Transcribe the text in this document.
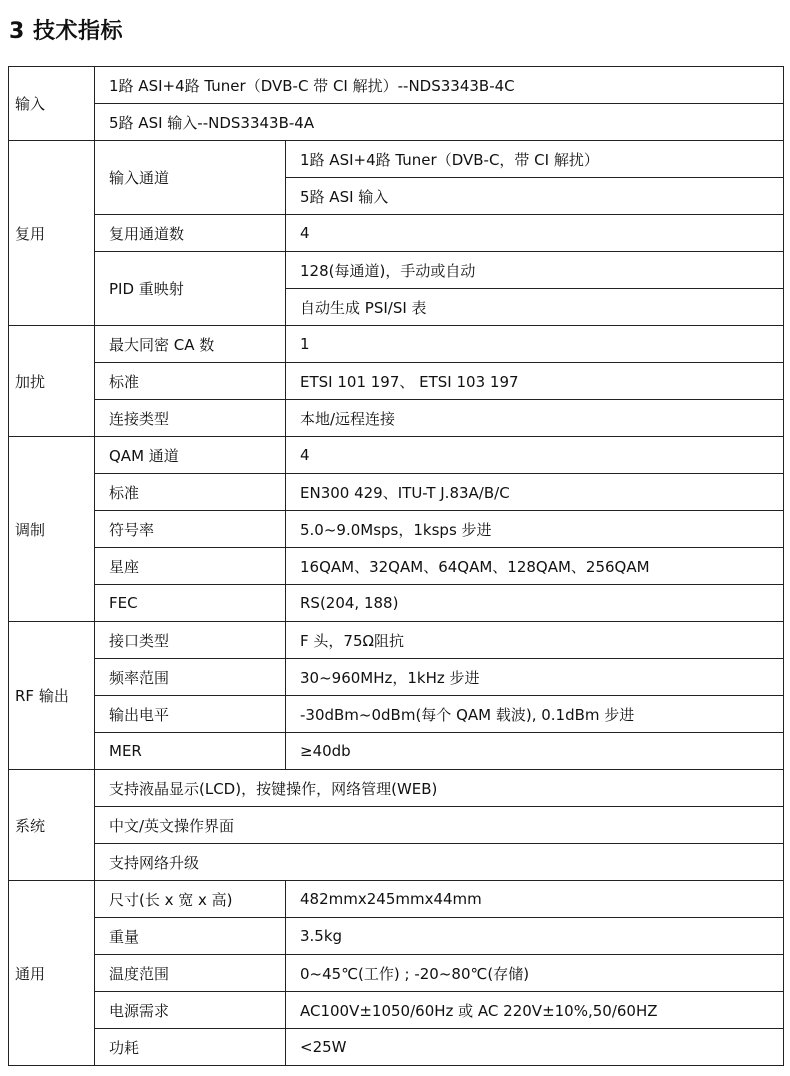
3 技术指标
输入	1路 ASI+4路 Tuner（DVB-C 带 CI 解扰）--NDS3343B-4C	
	5路 ASI 输入--NDS3343B-4A	
复用	输入通道	1路 ASI+4路 Tuner（DVB-C，带 CI 解扰）
		5路 ASI 输入
	复用通道数	4
	PID 重映射	128(每通道)，手动或自动
		自动生成 PSI/SI 表
加扰	最大同密 CA 数	1
	标准	ETSI 101 197、 ETSI 103 197
	连接类型	本地/远程连接
调制	QAM 通道	4
	标准	EN300 429、ITU-T J.83A/B/C
	符号率	5.0~9.0Msps，1ksps 步进
	星座	16QAM、32QAM、64QAM、128QAM、256QAM
	FEC	RS(204, 188)
RF 输出	接口类型	F 头，75Ω阻抗
	频率范围	30~960MHz，1kHz 步进
	输出电平	-30dBm~0dBm(每个 QAM 载波), 0.1dBm 步进
	MER	≥40db
系统	支持液晶显示(LCD)，按键操作，网络管理(WEB)	
	中文/英文操作界面	
	支持网络升级	
通用	尺寸(长 x 宽 x 高)	482mmx245mmx44mm
	重量	3.5kg
	温度范围	0~45℃(工作) ; -20~80℃(存储)
	电源需求	AC100V±1050/60Hz 或 AC 220V±10%,50/60HZ
	功耗	<25W
